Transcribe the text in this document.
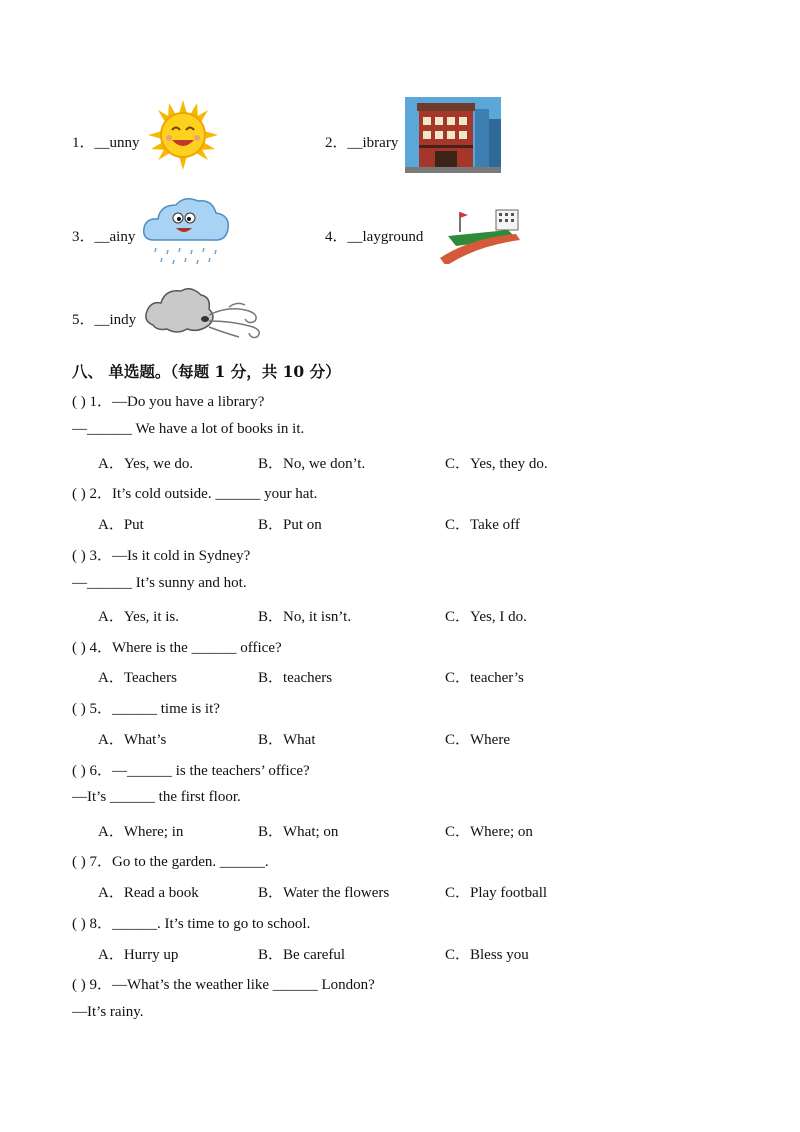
1．__unny	2．__ibrary
3．__ainy	4．__layground
5．__indy
八、 单选题。（每题 1 分，共 10 分）
( ) 1．—Do you have a library?
—______ We have a lot of books in it.
A．Yes, we do.	B．No, we don’t.	C．Yes, they do.
( ) 2．It’s cold outside. ______ your hat.
A．Put	B．Put on	C．Take off
( ) 3．—Is it cold in Sydney?
—______ It’s sunny and hot.
A．Yes, it is.	B．No, it isn’t.	C．Yes, I do.
( ) 4．Where is the ______ office?
A．Teachers	B．teachers	C．teacher’s
( ) 5．______ time is it?
A．What’s	B．What	C．Where
( ) 6．—______ is the teachers’ office?
—It’s ______ the first floor.
A．Where; in	B．What; on	C．Where; on
( ) 7．Go to the garden. ______.
A．Read a book	B．Water the flowers	C．Play football
( ) 8．______. It’s time to go to school.
A．Hurry up	B．Be careful	C．Bless you
( ) 9．—What’s the weather like ______ London?
—It’s rainy.
